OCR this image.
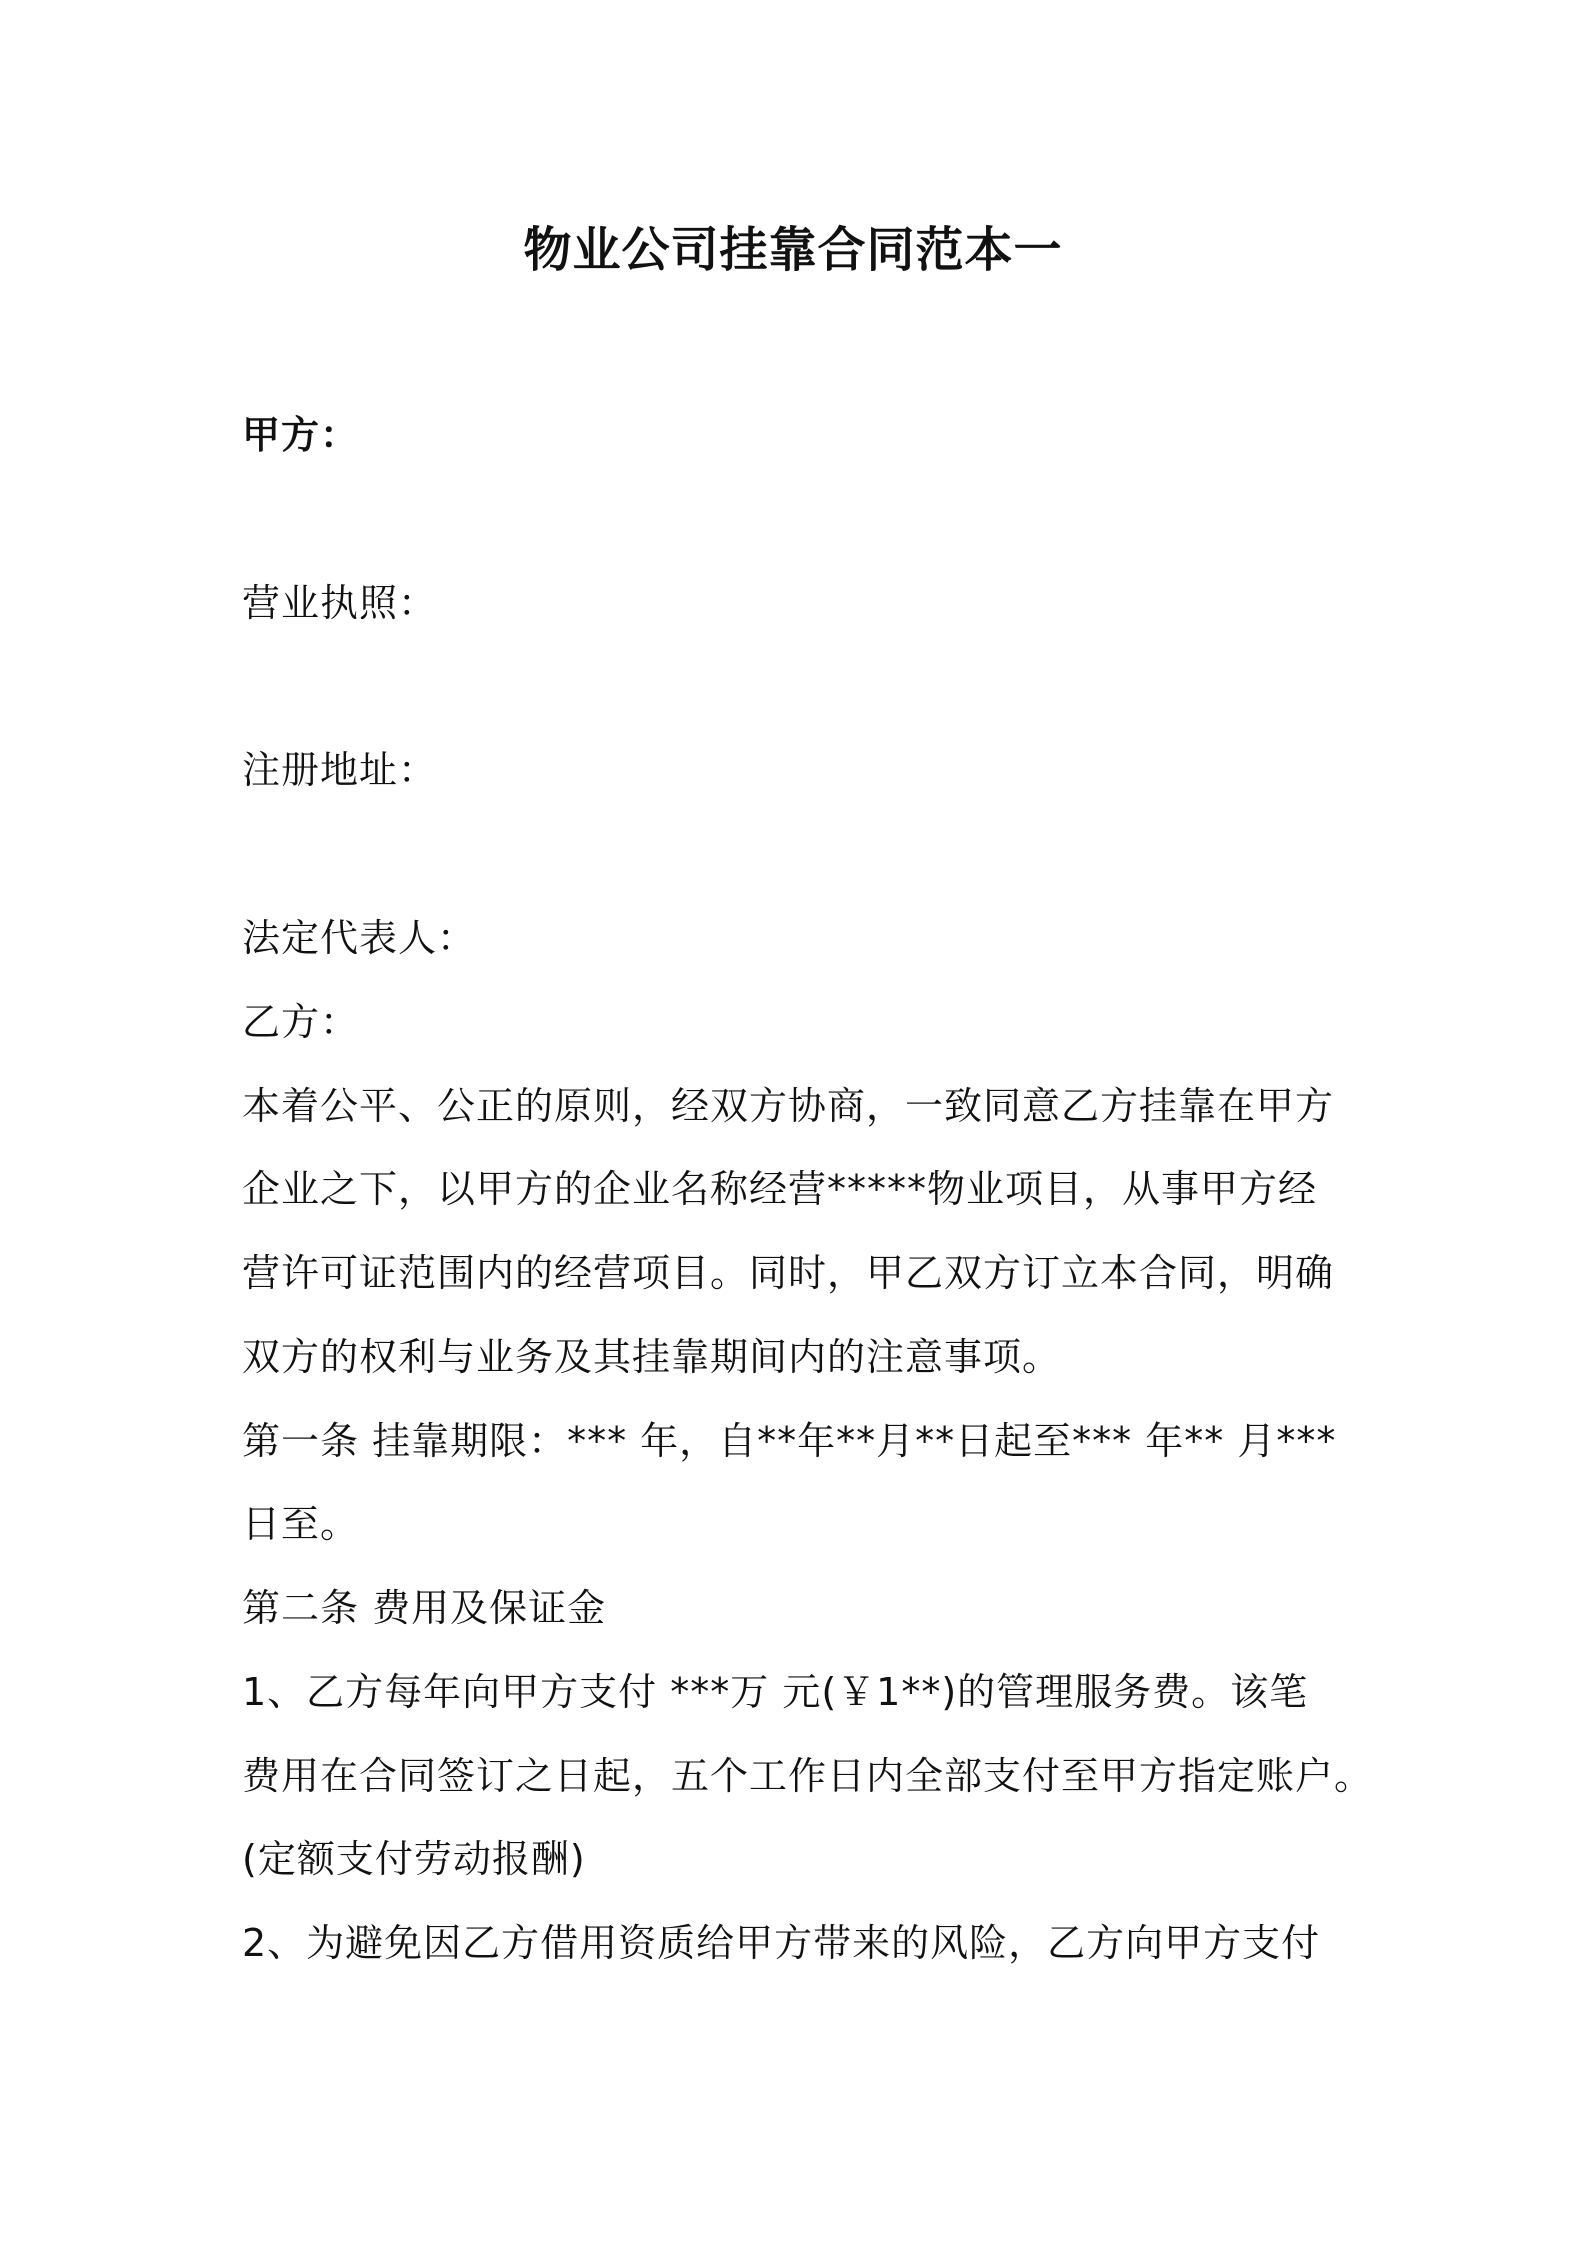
物业公司挂靠合同范本一
甲方：
营业执照：
注册地址：
法定代表人：
乙方：
本着公平、公正的原则，经双方协商，一致同意乙方挂靠在甲方
企业之下，以甲方的企业名称经营*****物业项目，从事甲方经
营许可证范围内的经营项目。同时，甲乙双方订立本合同，明确
双方的权利与业务及其挂靠期间内的注意事项。
第一条 挂靠期限：*** 年，自**年**月**日起至*** 年** 月***
日至。
第二条 费用及保证金
1、乙方每年向甲方支付 ***万 元(￥1**)的管理服务费。该笔
费用在合同签订之日起，五个工作日内全部支付至甲方指定账户。
(定额支付劳动报酬)
2、为避免因乙方借用资质给甲方带来的风险，乙方向甲方支付
